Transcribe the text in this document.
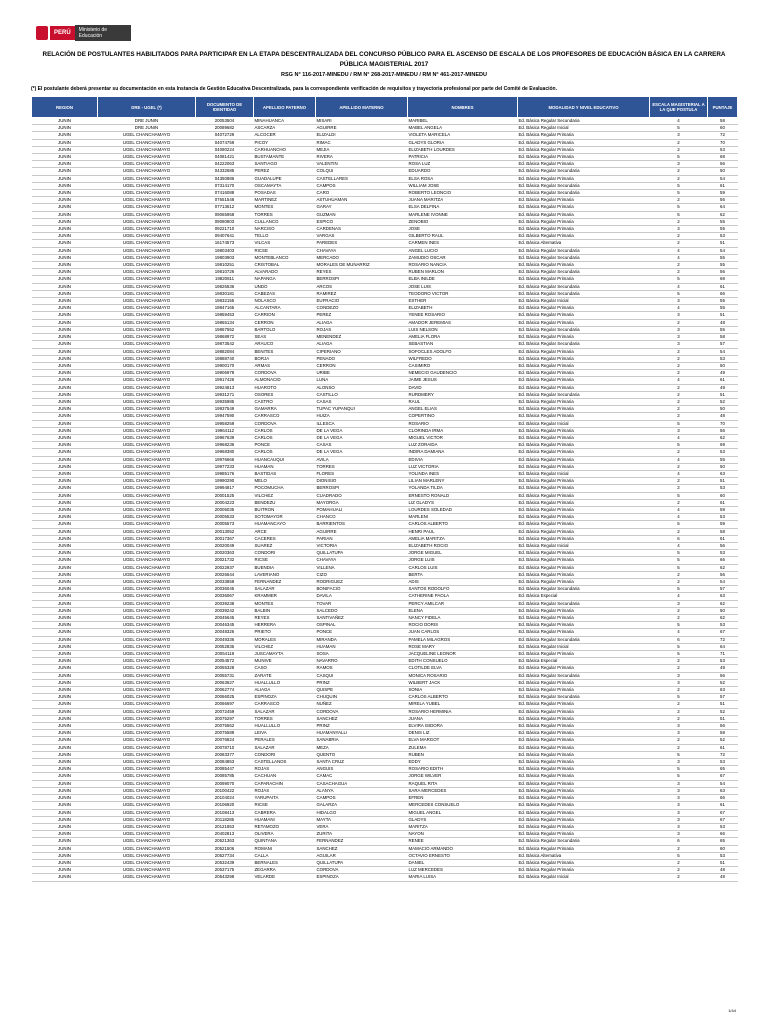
PERÚ	Ministerio de Educación
RELACIÓN DE POSTULANTES HABILITADOS PARA PARTICIPAR EN LA ETAPA DESCENTRALIZADA DEL CONCURSO PÚBLICO PARA EL ASCENSO DE ESCALA DE LOS PROFESORES DE EDUCACIÓN BÁSICA EN LA CARRERA PÚBLICA MAGISTERIAL 2017
RSG N° 116-2017-MINEDU / RM N° 268-2017-MINEDU / RM N° 461-2017-MINEDU
(*) El postulante deberá presentar su documentación en esta Instancia de Gestión Educativa Descentralizada, para la correspondiente verificación de requisitos y trayectoria profesional por parte del Comité de Evaluación.
REGION	DRE - UGEL (*)	DOCUMENTO DE IDENTIDAD	APELLIDO PATERNO	APELLIDO MATERNO	NOMBRES	MODALIDAD Y NIVEL EDUCATIVO	ESCALA MAGISTERIAL A LA QUE POSTULA	PUNTAJE
JUNIN	DRE JUNIN	20053504	MINAHUANCA	MISARI	MARIBEL	Ed. Básica Regular Secundaria	4	58
JUNIN	DRE JUNIN	20089682	ASCARZA	AGUIRRE	MABEL ANGELA	Ed. Básica Regular Inicial	5	60
JUNIN	UGEL CHANCHAMAYO	04072729	ALCOCER	ELIZALDI	VIOLETA MARICELA	Ed. Básica Regular Primaria	3	72
JUNIN	UGEL CHANCHAMAYO	04074759	PICOY	RIMAC	GLADYS GLORIA	Ed. Básica Regular Primaria	2	70
JUNIN	UGEL CHANCHAMAYO	04080224	CARHUANCHO	MEJIA	ELIZABETH LOURDES	Ed. Básica Regular Primaria	2	53
JUNIN	UGEL CHANCHAMAYO	04081421	BUSTAMANTE	RIVERA	PATRICIA	Ed. Básica Regular Primaria	5	68
JUNIN	UGEL CHANCHAMAYO	04222063	SANTIAGO	VALENTIN	ROSA LUZ	Ed. Básica Regular Primaria	3	56
JUNIN	UGEL CHANCHAMAYO	04332685	PEREZ	COLQUI	EDUARDO	Ed. Básica Regular Secundaria	2	50
JUNIN	UGEL CHANCHAMAYO	04350886	GUADALUPE	CASTELLARES	ELSA ROSA	Ed. Básica Regular Primaria	2	54
JUNIN	UGEL CHANCHAMAYO	07314170	OSCAMAYTA	CAMPOS	WILLIAM JOSE	Ed. Básica Regular Secundaria	5	61
JUNIN	UGEL CHANCHAMAYO	07416088	POSADAS	CARO	ROBERTO LEONCIO	Ed. Básica Regular Secundaria	5	59
JUNIN	UGEL CHANCHAMAYO	07651548	MARTINEZ	ASTUHUAMAN	JUANA MARITZA	Ed. Básica Regular Primaria	2	56
JUNIN	UGEL CHANCHAMAYO	07713612	MONTES	GARAY	ELSA DELFINA	Ed. Básica Regular Primaria	5	64
JUNIN	UGEL CHANCHAMAYO	09065958	TORRES	GUZMAN	MARLENE IVONNE	Ed. Básica Regular Primaria	5	62
JUNIN	UGEL CHANCHAMAYO	09080803	CULLANCO	ESPICO	ZENOBIO	Ed. Básica Regular Primaria	2	55
JUNIN	UGEL CHANCHAMAYO	09221710	NARCISO	CARDENAS	JOSE	Ed. Básica Regular Primaria	3	55
JUNIN	UGEL CHANCHAMAYO	09407641	TELLO	VARGAS	GILBERTO RAUL	Ed. Básica Regular Primaria	2	53
JUNIN	UGEL CHANCHAMAYO	16174573	VILCAS	PAREDES	CARMEN INES	Ed. Básica Alternativa	2	51
JUNIN	UGEL CHANCHAMAYO	19803403	RICSE	CHAVAYA	ANGEL LUCIO	Ed. Básica Regular Secundaria	4	54
JUNIN	UGEL CHANCHAMAYO	19803903	MONTEBLANCO	MERCADO	ZAMUDIO OSCAR	Ed. Básica Regular Secundaria	4	55
JUNIN	UGEL CHANCHAMAYO	19810251	CRISTOBAL	MORALES DE MUNARRIZ	ROSARIO NANCIA	Ed. Básica Regular Primaria	2	55
JUNIN	UGEL CHANCHAMAYO	19810726	ALVARADO	REYES	RUBEN MARLON	Ed. Básica Regular Secundaria	2	56
JUNIN	UGEL CHANCHAMAYO	19820811	NAPANGA	BERROSPI	ELBA INILDE	Ed. Básica Regular Primaria	5	68
JUNIN	UGEL CHANCHAMAYO	19826536	UNDO	ARCOS	JOSE LUIS	Ed. Básica Regular Secundaria	4	61
JUNIN	UGEL CHANCHAMAYO	19830181	CABEZAS	RAMIREZ	TEODORO VICTOR	Ed. Básica Regular Secundaria	5	66
JUNIN	UGEL CHANCHAMAYO	19832155	NOLASCO	EUFRACIO	ESTHER	Ed. Básica Regular Inicial	3	55
JUNIN	UGEL CHANCHAMAYO	19847165	ALCANTARA	CONDEZO	ELIZABETH	Ed. Básica Regular Primaria	4	55
JUNIN	UGEL CHANCHAMAYO	19859453	CARRION	PEREZ	YENEE ROSARIO	Ed. Básica Regular Primaria	3	51
JUNIN	UGEL CHANCHAMAYO	19865134	CERRON	ALIAGA	AMADOR JEREMIAS	Ed. Básica Regular Primaria	2	48
JUNIN	UGEL CHANCHAMAYO	19867552	BARTOLO	ROJAS	LUIS NELSON	Ed. Básica Regular Secundaria	3	55
JUNIN	UGEL CHANCHAMAYO	19868972	SEAS	MENENDEZ	AMELIA FLORA	Ed. Básica Regular Primaria	3	58
JUNIN	UGEL CHANCHAMAYO	19873542	ARAUCO	ALIAGA	SEBASTIAN	Ed. Básica Regular Secundaria	3	57
JUNIN	UGEL CHANCHAMAYO	19882084	BENITES	CIPERIANO	SOFOCLES ADOLFO	Ed. Básica Regular Primaria	2	54
JUNIN	UGEL CHANCHAMAYO	19888740	BORJA	PENADO	WILFREDO	Ed. Básica Regular Primaria	2	53
JUNIN	UGEL CHANCHAMAYO	19900170	ARMAS	CERRON	CASIMIRO	Ed. Básica Regular Primaria	2	50
JUNIN	UGEL CHANCHAMAYO	19906978	CORDOVA	URIBE	NEMECIO GAUDENCIO	Ed. Básica Regular Primaria	2	49
JUNIN	UGEL CHANCHAMAYO	19917426	ALMONACID	LUNA	JAIME JESUS	Ed. Básica Regular Primaria	4	61
JUNIN	UGEL CHANCHAMAYO	19924813	HUAROTO	ALONSO	DAVID	Ed. Básica Regular Primaria	2	49
JUNIN	UGEL CHANCHAMAYO	19931271	OSORES	CASTILLO	RURDMERY	Ed. Básica Regular Secundaria	2	51
JUNIN	UGEL CHANCHAMAYO	19935985	CASTRO	CASAS	RAUL	Ed. Básica Regular Primaria	2	52
JUNIN	UGEL CHANCHAMAYO	19937549	GAMARRA	TUPAC YUPANQUI	ANGEL ELIAS	Ed. Básica Regular Primaria	2	50
JUNIN	UGEL CHANCHAMAYO	19947590	CARRASCO	HUIZA	COPERTINO	Ed. Básica Regular Primaria	2	48
JUNIN	UGEL CHANCHAMAYO	19958259	CORDOVA	ILLESCA	ROSARIO	Ed. Básica Regular Inicial	5	70
JUNIN	UGEL CHANCHAMAYO	19964112	CARLOS	DE LA VEGA	CLORINDA IRMA	Ed. Básica Regular Primaria	3	56
JUNIN	UGEL CHANCHAMAYO	19967639	CARLOS	DE LA VEGA	MIGUEL VICTOR	Ed. Básica Regular Primaria	4	62
JUNIN	UGEL CHANCHAMAYO	19968236	PONCE	CASAS	LUZ ZORAIDA	Ed. Básica Regular Primaria	5	69
JUNIN	UGEL CHANCHAMAYO	19968380	CARLOS	DE LA VEGA	INDIRA DAMIANA	Ed. Básica Regular Primaria	2	53
JUNIN	UGEL CHANCHAMAYO	19976666	HUANCAUQUI	AVILA	EDIVIA	Ed. Básica Regular Primaria	4	55
JUNIN	UGEL CHANCHAMAYO	19977233	HUAMAN	TORRES	LUZ VICTORIA	Ed. Básica Regular Primaria	2	50
JUNIN	UGEL CHANCHAMAYO	19985176	BASTIDAS	FLORES	YOLINDA INES	Ed. Básica Regular Inicial	4	63
JUNIN	UGEL CHANCHAMAYO	19990290	MELO	DIONISIO	LILIAN MARLENY	Ed. Básica Regular Primaria	2	51
JUNIN	UGEL CHANCHAMAYO	19994817	POCOMUCHA	BERROSPI	YOLANDA TILDA	Ed. Básica Regular Primaria	2	53
JUNIN	UGEL CHANCHAMAYO	20001525	VILCHEZ	CUADRADO	ERNESTO RONALD	Ed. Básica Regular Primaria	5	60
JUNIN	UGEL CHANCHAMAYO	20004223	BENDEZU	MAYORGA	LIZ GLADYS	Ed. Básica Regular Primaria	2	61
JUNIN	UGEL CHANCHAMAYO	20005035	BUITRON	POMAHUALI	LOURDES SOLEDAD	Ed. Básica Regular Primaria	4	59
JUNIN	UGEL CHANCHAMAYO	20005533	SOTOMAYOR	CHANCO	MARLENI	Ed. Básica Regular Primaria	4	53
JUNIN	UGEL CHANCHAMAYO	20005573	HUAMANCAYO	BARRIENTOS	CARLOS ALBERTO	Ed. Básica Regular Primaria	5	59
JUNIN	UGEL CHANCHAMAYO	20013052	ARCE	AGUIRRE	HENRI PAUL	Ed. Básica Regular Primaria	2	58
JUNIN	UGEL CHANCHAMAYO	20017367	CACERES	PARIAN	AMELIA MARITZA	Ed. Básica Regular Primaria	6	61
JUNIN	UGEL CHANCHAMAYO	20020049	SUAREZ	VICTORIA	ELIZABETH ROCIO	Ed. Básica Regular Inicial	4	56
JUNIN	UGEL CHANCHAMAYO	20020363	CONDORI	QUILLATUPA	JORGE MIGUEL	Ed. Básica Regular Primaria	5	53
JUNIN	UGEL CHANCHAMAYO	20021732	RICSE	CHAVAYA	JORGE LUIS	Ed. Básica Regular Primaria	5	66
JUNIN	UGEL CHANCHAMAYO	20022937	BUENDIA	VILLENA	CARLOS LUIS	Ed. Básica Regular Primaria	5	62
JUNIN	UGEL CHANCHAMAYO	20026644	LAVERIANO	CIZO	BERTA	Ed. Básica Regular Primaria	2	56
JUNIN	UGEL CHANCHAMAYO	20033858	FERNANDEZ	RODRIGUEZ	ADIS	Ed. Básica Regular Primaria	2	54
JUNIN	UGEL CHANCHAMAYO	20036045	SALAZAR	BONIFACIO	SANTOS RODOLFO	Ed. Básica Regular Secundaria	5	57
JUNIN	UGEL CHANCHAMAYO	20036067	KRAMMER	DAVILA	CATHERINE PAOLA	Ed. Básica Especial	4	63
JUNIN	UGEL CHANCHAMAYO	20039238	MONTES	TOVAR	PERCY AMILCAR	Ed. Básica Regular Secundaria	3	62
JUNIN	UGEL CHANCHAMAYO	20039242	BALBIN	SALCEDO	ELENA	Ed. Básica Regular Primaria	2	50
JUNIN	UGEL CHANCHAMAYO	20045645	REYES	SANTIVAÑEZ	NANCY FIDELA	Ed. Básica Regular Primaria	2	62
JUNIN	UGEL CHANCHAMAYO	20046345	HERRERA	OSPINAL	ROCIO DORIS	Ed. Básica Regular Primaria	5	53
JUNIN	UGEL CHANCHAMAYO	20048326	PRIETO	PONCE	JUAN CARLOS	Ed. Básica Regular Primaria	4	67
JUNIN	UGEL CHANCHAMAYO	20049336	MORALES	MIRANDA	PAMELA MILAGROS	Ed. Básica Regular Secundaria	6	72
JUNIN	UGEL CHANCHAMAYO	20052835	VILCHEZ	HUAMAN	ROSE MARY	Ed. Básica Regular Inicial	5	64
JUNIN	UGEL CHANCHAMAYO	20054118	JUSCAMAYTA	SOSA	JACQUELINE LEONOR	Ed. Básica Regular Primaria	5	71
JUNIN	UGEL CHANCHAMAYO	20054572	MUNIVE	NAVARRO	EDITH CONSUELO	Ed. Básica Especial	2	53
JUNIN	UGEL CHANCHAMAYO	20055328	CASO	RAMOS	CLOTILDE ELVA	Ed. Básica Regular Primaria	2	49
JUNIN	UGEL CHANCHAMAYO	20055731	ZARATE	CASQUI	MONICA ROSARIO	Ed. Básica Regular Secundaria	3	56
JUNIN	UGEL CHANCHAMAYO	20063627	HUALLULLO	PRINZ	WILBERT JACK	Ed. Básica Regular Primaria	3	52
JUNIN	UGEL CHANCHAMAYO	20062774	ALIAGA	QUISPE	SONIA	Ed. Básica Regular Primaria	2	63
JUNIN	UGEL CHANCHAMAYO	20066025	ESPINOZA	CHUQUIN	CARLOS ALBERTO	Ed. Básica Regular Secundaria	5	57
JUNIN	UGEL CHANCHAMAYO	20066697	CARRASCO	NUÑEZ	MIRELA YUBEL	Ed. Básica Regular Primaria	2	51
JUNIN	UGEL CHANCHAMAYO	20072459	SALAZAR	CORDOVA	ROSARIO HERMINIA	Ed. Básica Regular Primaria	2	52
JUNIN	UGEL CHANCHAMAYO	20075297	TORRES	SANCHEZ	JUANA	Ed. Básica Regular Primaria	2	51
JUNIN	UGEL CHANCHAMAYO	20075562	HUALLULLO	PRINZ	ELVIRA ISIDORA	Ed. Básica Regular Primaria	3	56
JUNIN	UGEL CHANCHAMAYO	20075589	LEIVA	HUAMANYALLI	DENIS LIZ	Ed. Básica Regular Primaria	3	58
JUNIN	UGEL CHANCHAMAYO	20076824	PERALES	SANABRIA	ELVA MARGOT	Ed. Básica Regular Primaria	2	52
JUNIN	UGEL CHANCHAMAYO	20078710	SALAZAR	MEZA	ZULEMA	Ed. Básica Regular Primaria	2	61
JUNIN	UGEL CHANCHAMAYO	20083377	CONDORI	QUENTO	RUBEN	Ed. Básica Regular Primaria	5	72
JUNIN	UGEL CHANCHAMAYO	20084853	CASTELLANOS	SANTA CRUZ	EDDY	Ed. Básica Regular Primaria	3	53
JUNIN	UGEL CHANCHAMAYO	20085447	ROJAS	ANGUIS	ROSARIO EDITH	Ed. Básica Regular Primaria	5	65
JUNIN	UGEL CHANCHAMAYO	20085785	CACHUAN	CAMAC	JORGE WILVER	Ed. Básica Regular Primaria	5	67
JUNIN	UGEL CHANCHAMAYO	20099070	CAPARACHIN	CASACHAGUA	RAQUEL RITA	Ed. Básica Regular Primaria	3	54
JUNIN	UGEL CHANCHAMAYO	20100422	ROJAS	ALANYA	SARA MERCEDES	Ed. Básica Regular Primaria	3	63
JUNIN	UGEL CHANCHAMAYO	20104024	YARUPAITA	CAMPOS	EFREN	Ed. Básica Regular Primaria	3	66
JUNIN	UGEL CHANCHAMAYO	20106920	RICSE	GALARZA	MERCEDES CONSUELO	Ed. Básica Regular Primaria	3	61
JUNIN	UGEL CHANCHAMAYO	20108413	CABRERA	HIDALGO	MIGUEL ANGEL	Ed. Básica Regular Primaria	3	67
JUNIN	UGEL CHANCHAMAYO	20118285	HUAMANI	MAYTA	GLADYS	Ed. Básica Regular Primaria	3	67
JUNIN	UGEL CHANCHAMAYO	20121853	RETAMOZO	VERA	MARITZA	Ed. Básica Regular Primaria	3	53
JUNIN	UGEL CHANCHAMAYO	20402813	OLIVERA	ZURITA	NAYON	Ed. Básica Regular Primaria	3	66
JUNIN	UGEL CHANCHAMAYO	20521363	QUINTANA	FERNANDEZ	RENEE	Ed. Básica Regular Secundaria	6	65
JUNIN	UGEL CHANCHAMAYO	20521506	ROMANI	SANCHEZ	MAMACIO ARMANDO	Ed. Básica Regular Primaria	2	60
JUNIN	UGEL CHANCHAMAYO	20527734	CALLA	AGUILAR	OCTAVIO ERNESTO	Ed. Básica Alternativa	5	53
JUNIN	UGEL CHANCHAMAYO	20532439	BERNALES	QUILLATUPA	DANIEL	Ed. Básica Regular Primaria	2	51
JUNIN	UGEL CHANCHAMAYO	20537175	ZEGARRA	CORDOVA	LUZ MERCEDES	Ed. Básica Regular Primaria	2	48
JUNIN	UGEL CHANCHAMAYO	20543298	VELARDE	ESPINOZA	MARIA LUISA	Ed. Básica Regular Inicial	2	48
1/44
